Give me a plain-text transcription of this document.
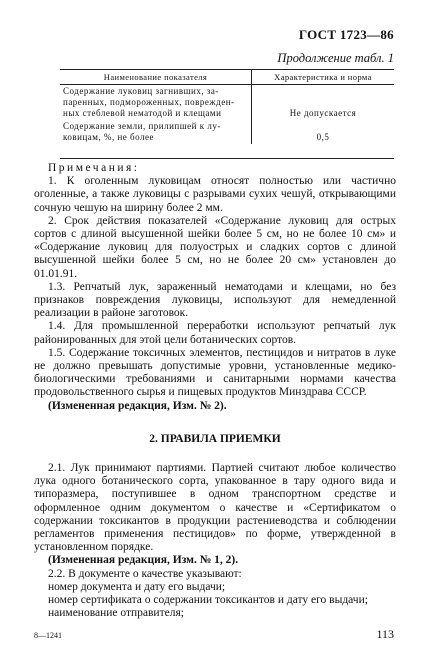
ГОСТ 1723—86
Продолжение табл. 1
Наименование показателя	Характеристика и норма

Содержание луковиц загнивших, за-
паренных, подмороженных, поврежден-
ных стеблевой нематодой и клещами	Не допускается

Содержание земли, прилипшей к лу-
ковицам, %, не более	0,5

Примечания:

1. К оголенным луковицам относят полностью или частично оголенные, а также луковицы с разрывами сухих чешуй, открывающими сочную чешую на ширину более 2 мм.

2. Срок действия показателей «Содержание луковиц для острых сортов с длиной высушенной шейки более 5 см, но не более 10 см» и «Содержание луковиц для полуострых и сладких сортов с длиной высушенной шейки более 5 см, но не более 20 см» установлен до 01.01.91.

1.3. Репчатый лук, зараженный нематодами и клещами, но без признаков повреждения луковицы, используют для немедленной реализации в районе заготовок.

1.4. Для промышленной переработки используют репчатый лук районированных для этой цели ботанических сортов.

1.5. Содержание токсичных элементов, пестицидов и нитратов в луке не должно превышать допустимые уровни, установленные медико-биологическими требованиями и санитарными нормами качества продовольственного сырья и пищевых продуктов Минздрава СССР.

(Измененная редакция, Изм. № 2).

2. ПРАВИЛА ПРИЕМКИ

2.1. Лук принимают партиями. Партией считают любое количество лука одного ботанического сорта, упакованное в тару одного вида и типоразмера, поступившее в одном транспортном средстве и оформленное одним документом о качестве и «Сертификатом о содержании токсикантов в продукции растениеводства и соблюдении регламентов применения пестицидов» по форме, утвержденной в установленном порядке.

(Измененная редакция, Изм. № 1, 2).

2.2. В документе о качестве указывают:

номер документа и дату его выдачи;

номер сертификата о содержании токсикантов и дату его выдачи;

наименование отправителя;

8—1241	113
